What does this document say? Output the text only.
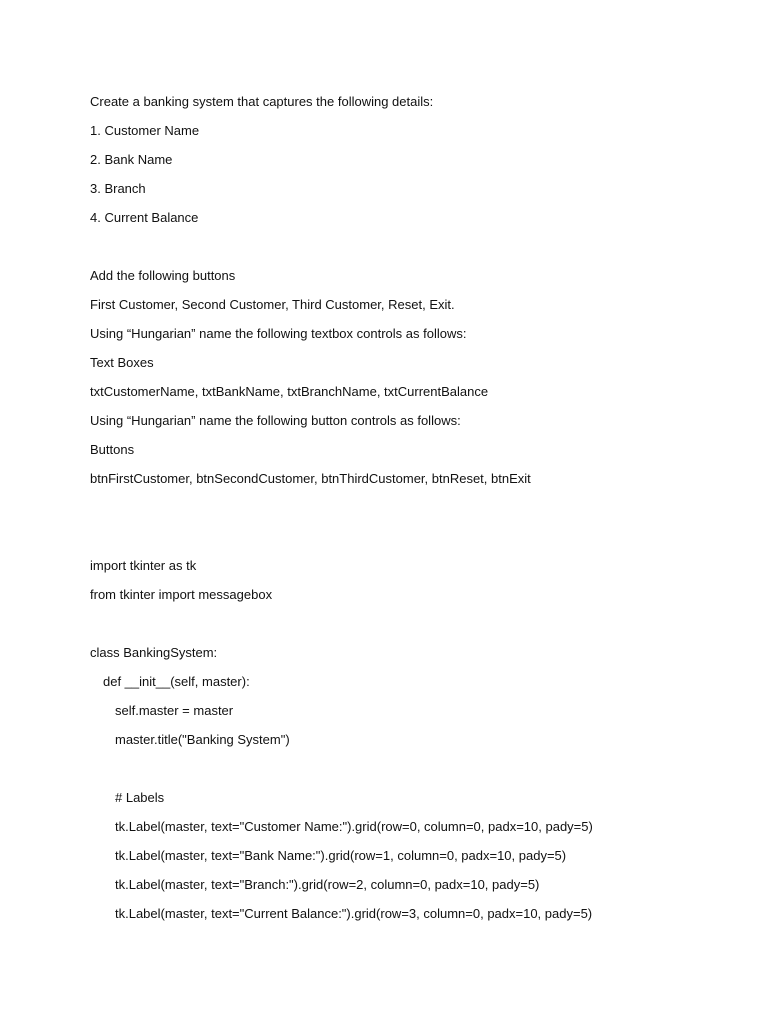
Create a banking system that captures the following details:
1. Customer Name
2. Bank Name
3. Branch
4. Current Balance
Add the following buttons
First Customer, Second Customer, Third Customer, Reset, Exit.
Using “Hungarian” name the following textbox controls as follows:
Text Boxes
txtCustomerName, txtBankName, txtBranchName, txtCurrentBalance
Using “Hungarian” name the following button controls as follows:
Buttons
btnFirstCustomer, btnSecondCustomer, btnThirdCustomer, btnReset, btnExit
import tkinter as tk
from tkinter import messagebox
class BankingSystem:
def __init__(self, master):
self.master = master
master.title("Banking System")
# Labels
tk.Label(master, text="Customer Name:").grid(row=0, column=0, padx=10, pady=5)
tk.Label(master, text="Bank Name:").grid(row=1, column=0, padx=10, pady=5)
tk.Label(master, text="Branch:").grid(row=2, column=0, padx=10, pady=5)
tk.Label(master, text="Current Balance:").grid(row=3, column=0, padx=10, pady=5)
